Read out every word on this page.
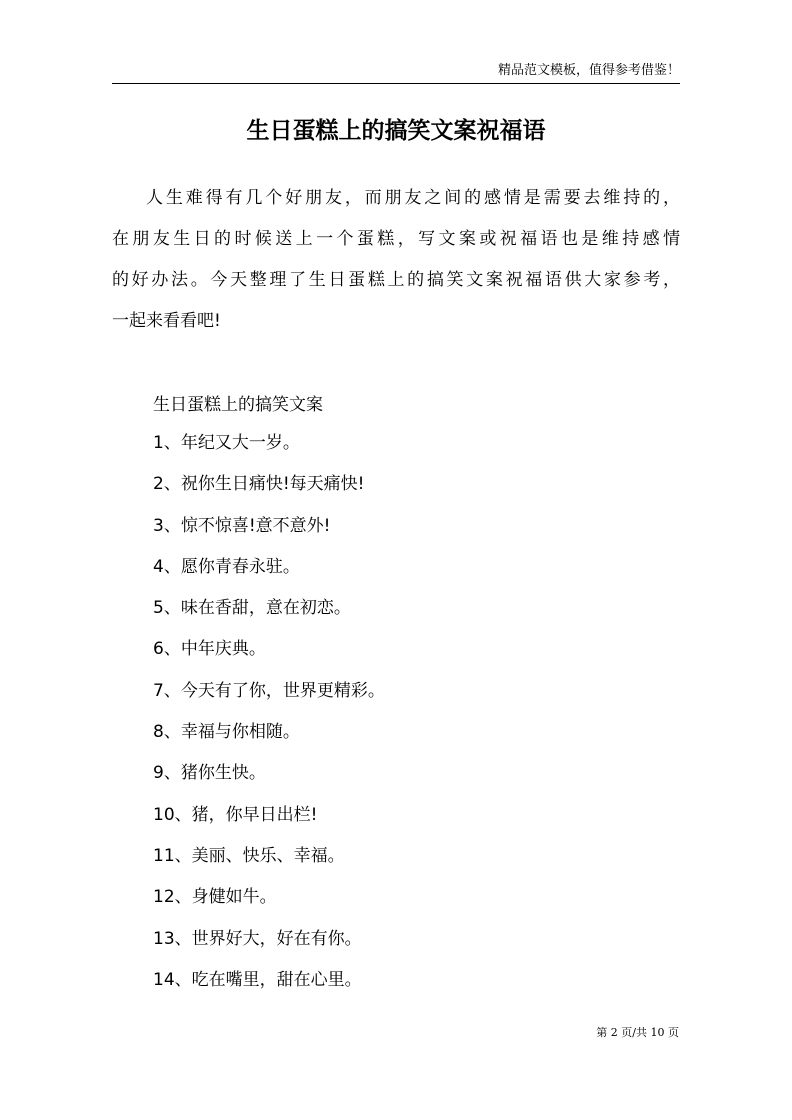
精品范文模板，值得参考借鉴！
生日蛋糕上的搞笑文案祝福语
人生难得有几个好朋友，而朋友之间的感情是需要去维持的，
在朋友生日的时候送上一个蛋糕，写文案或祝福语也是维持感情
的好办法。今天整理了生日蛋糕上的搞笑文案祝福语供大家参考，
一起来看看吧!
生日蛋糕上的搞笑文案
1、年纪又大一岁。
2、祝你生日痛快!每天痛快!
3、惊不惊喜!意不意外!
4、愿你青春永驻。
5、味在香甜，意在初恋。
6、中年庆典。
7、今天有了你，世界更精彩。
8、幸福与你相随。
9、猪你生快。
10、猪，你早日出栏!
11、美丽、快乐、幸福。
12、身健如牛。
13、世界好大，好在有你。
14、吃在嘴里，甜在心里。
第 2 页/共 10 页
